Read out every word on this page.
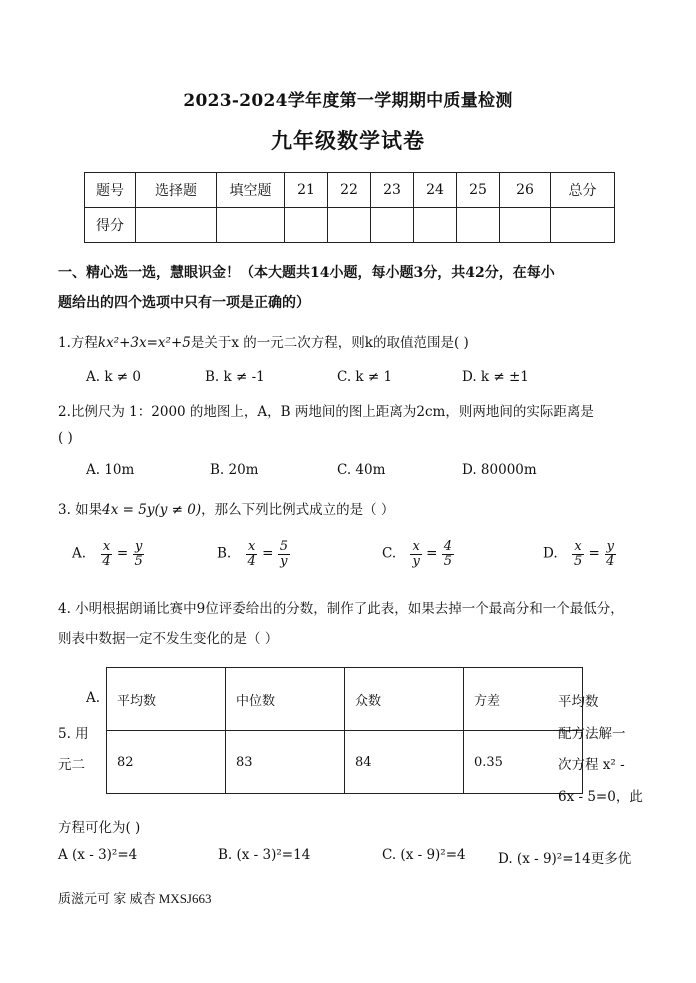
2023-2024学年度第一学期期中质量检测
九年级数学试卷
题号	选择题	填空题	21	22	23	24	25	26	总分
得分									
一、精心选一选，慧眼识金！（本大题共14小题，每小题3分，共42分，在每小
题给出的四个选项中只有一项是正确的）
1.方程kx²+3x=x²+5是关于x 的一元二次方程，则k的取值范围是( )
A. k ≠ 0	B. k ≠ -1	C. k ≠ 1	D. k ≠ ±1
2.比例尺为 1：2000 的地图上，A，B 两地间的图上距离为2cm，则两地间的实际距离是
( )
A. 10m	B. 20m	C. 40m	D. 80000m
3. 如果4x = 5y(y ≠ 0)，那么下列比例式成立的是（ ）
A. $\frac{x}{4} = \frac{y}{5}$	B. $\frac{x}{4} = \frac{5}{y}$	C. $\frac{x}{y} = \frac{4}{5}$	D. $\frac{x}{5} = \frac{y}{4}$
4. 小明根据朗诵比赛中9位评委给出的分数，制作了此表，如果去掉一个最高分和一个最低分，
则表中数据一定不发生变化的是（ ）
A.
5. 用
元二
平均数	中位数	众数	方差
82	83	84	0.35
平均数
配方法解一
次方程 x² -
6x - 5=0，此
方程可化为( )
A (x - 3)²=4	B. (x - 3)²=14	C. (x - 9)²=4 D. (x - 9)²=14更多优
质滋元可 家 威杏 MXSJ663
